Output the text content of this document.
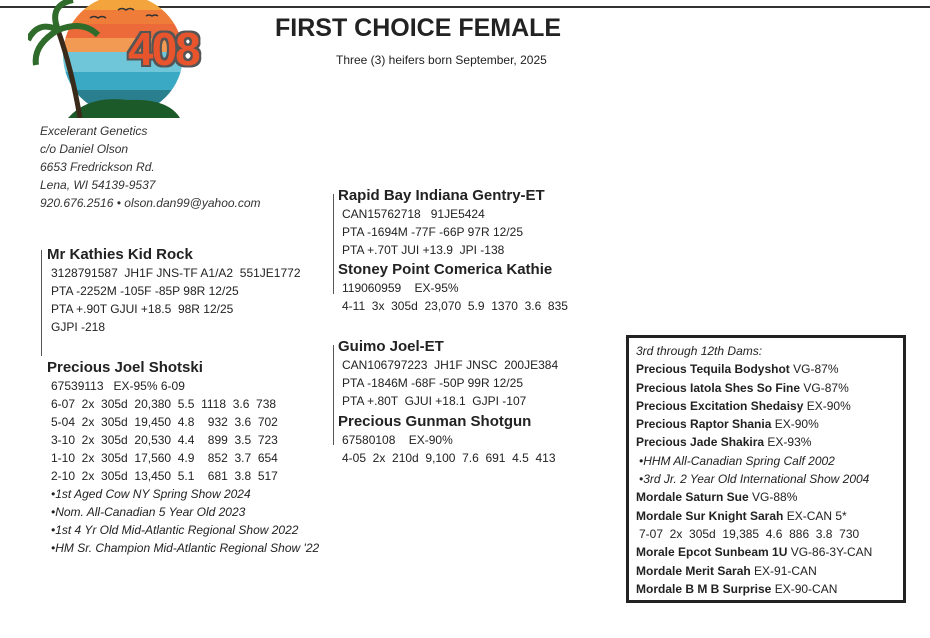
408	FIRST CHOICE FEMALE
Three (3) heifers born September, 2025
Excelerant Genetics
c/o Daniel Olson
6653 Fredrickson Rd.
Lena, WI 54139-9537
920.676.2516 • olson.dan99@yahoo.com
Mr Kathies Kid Rock
3128791587  JH1F JNS-TF A1/A2  551JE1772
PTA -2252M -105F -85P 98R 12/25
PTA +.90T GJUI +18.5  98R 12/25
GJPI -218
Precious Joel Shotski
67539113   EX-95% 6-09
6-07  2x  305d  20,380  5.5  1118  3.6  738
5-04  2x  305d  19,450  4.8    932  3.6  702
3-10  2x  305d  20,530  4.4    899  3.5  723
1-10  2x  305d  17,560  4.9    852  3.7  654
2-10  2x  305d  13,450  5.1    681  3.8  517
•1st Aged Cow NY Spring Show 2024
•Nom. All-Canadian 5 Year Old 2023
•1st 4 Yr Old Mid-Atlantic Regional Show 2022
•HM Sr. Champion Mid-Atlantic Regional Show '22
Rapid Bay Indiana Gentry-ET
CAN15762718   91JE5424
PTA -1694M -77F -66P 97R 12/25
PTA +.70T JUI +13.9  JPI -138
Stoney Point Comerica Kathie
119060959    EX-95%
4-11  3x  305d  23,070  5.9  1370  3.6  835
Guimo Joel-ET
CAN106797223  JH1F JNSC  200JE384
PTA -1846M -68F -50P 99R 12/25
PTA +.80T  GJUI +18.1  GJPI -107
Precious Gunman Shotgun
67580108    EX-90%
4-05  2x  210d  9,100  7.6  691  4.5  413
3rd through 12th Dams:
Precious Tequila Bodyshot VG-87%
Precious Iatola Shes So Fine VG-87%
Precious Excitation Shedaisy EX-90%
Precious Raptor Shania EX-90%
Precious Jade Shakira EX-93%
•HHM All-Canadian Spring Calf 2002
•3rd Jr. 2 Year Old International Show 2004
Mordale Saturn Sue VG-88%
Mordale Sur Knight Sarah EX-CAN 5*
7-07  2x  305d  19,385  4.6  886  3.8  730
Morale Epcot Sunbeam 1U VG-86-3Y-CAN
Mordale Merit Sarah EX-91-CAN
Mordale B M B Surprise EX-90-CAN
